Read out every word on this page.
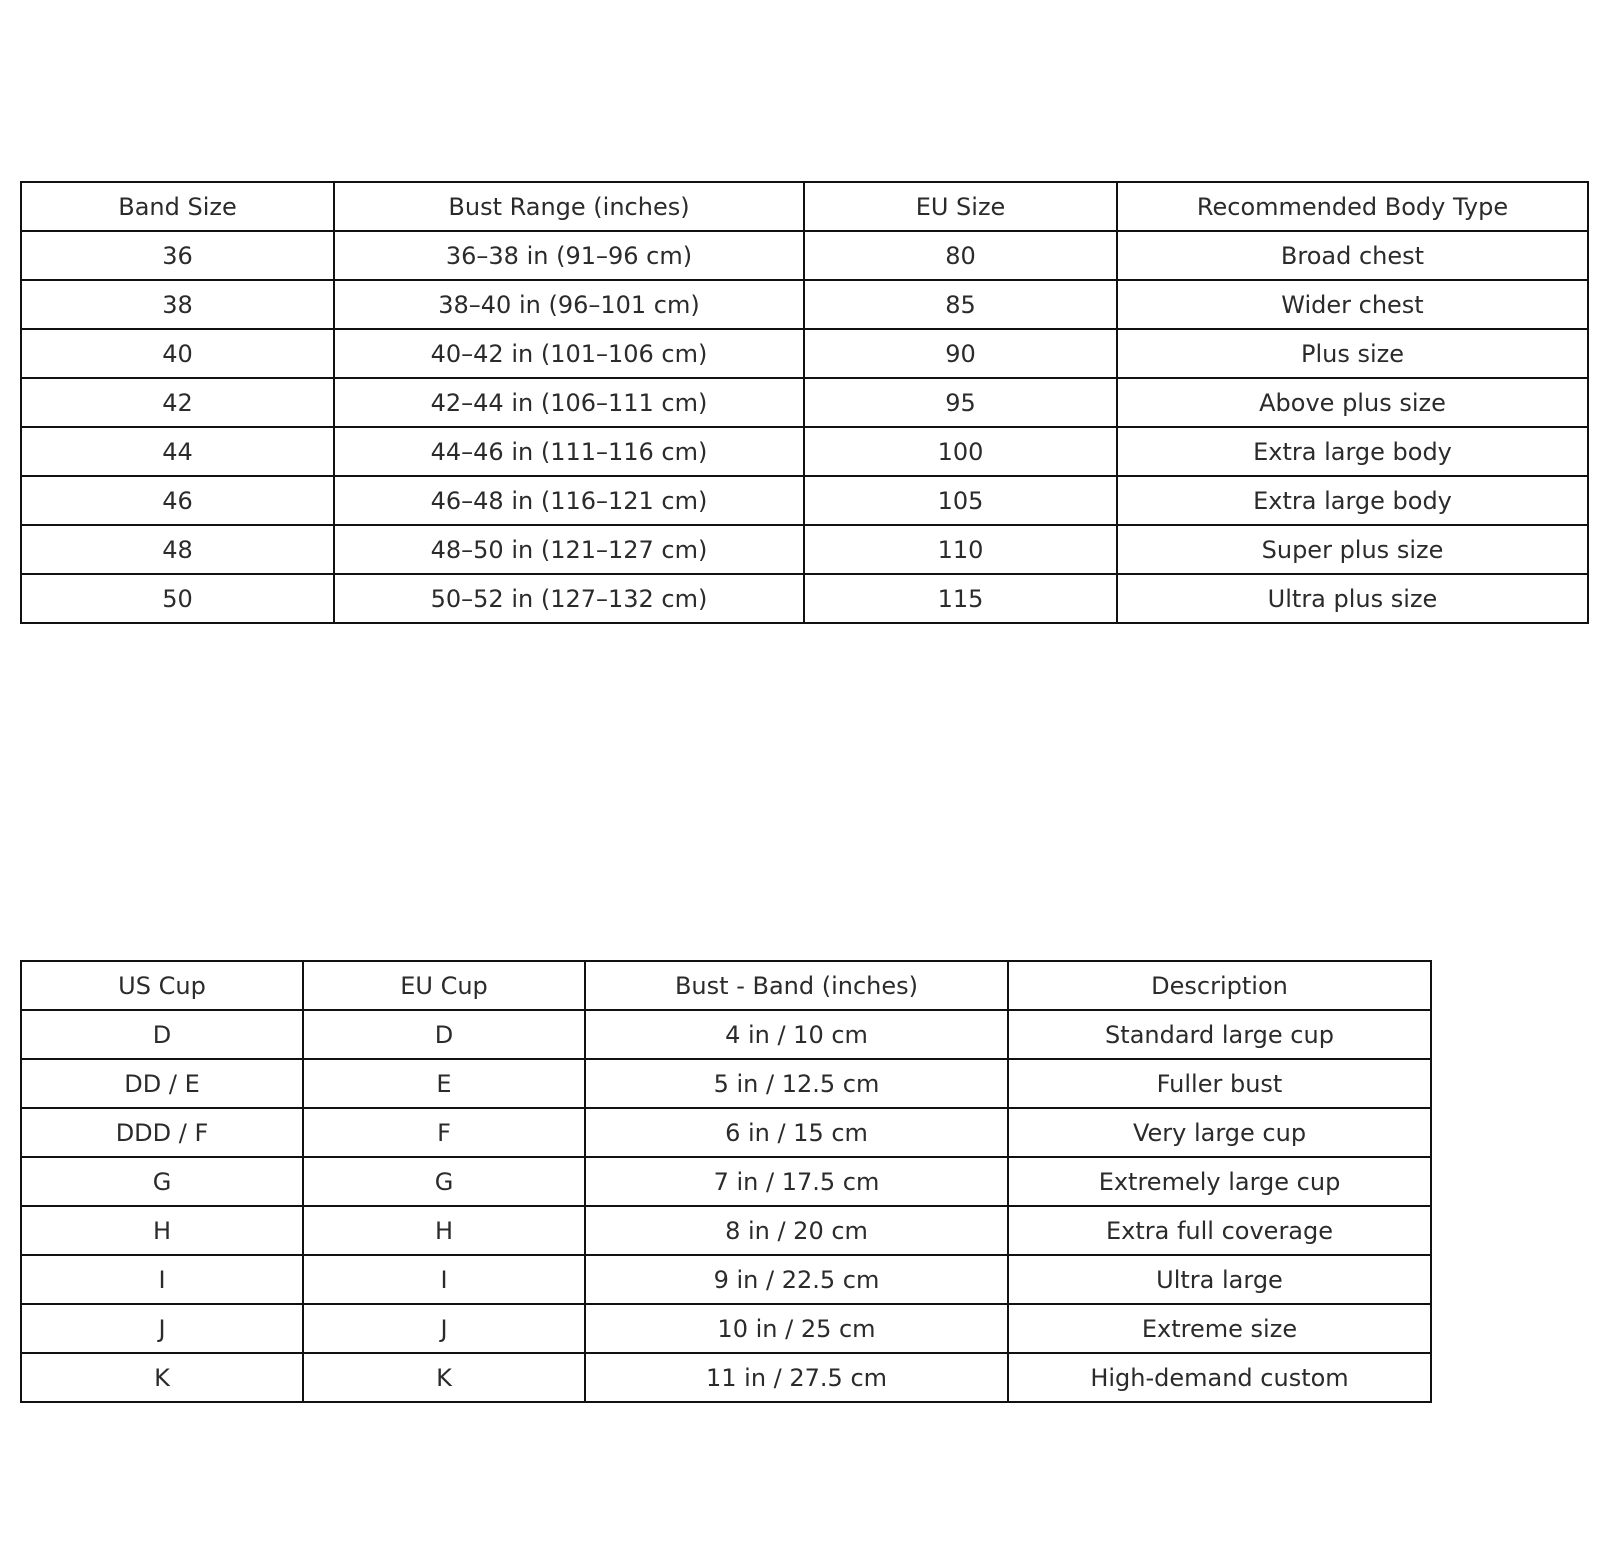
Band Size	Bust Range (inches)	EU Size	Recommended Body Type
36	36–38 in (91–96 cm)	80	Broad chest
38	38–40 in (96–101 cm)	85	Wider chest
40	40–42 in (101–106 cm)	90	Plus size
42	42–44 in (106–111 cm)	95	Above plus size
44	44–46 in (111–116 cm)	100	Extra large body
46	46–48 in (116–121 cm)	105	Extra large body
48	48–50 in (121–127 cm)	110	Super plus size
50	50–52 in (127–132 cm)	115	Ultra plus size
US Cup	EU Cup	Bust - Band (inches)	Description
D	D	4 in / 10 cm	Standard large cup
DD / E	E	5 in / 12.5 cm	Fuller bust
DDD / F	F	6 in / 15 cm	Very large cup
G	G	7 in / 17.5 cm	Extremely large cup
H	H	8 in / 20 cm	Extra full coverage
I	I	9 in / 22.5 cm	Ultra large
J	J	10 in / 25 cm	Extreme size
K	K	11 in / 27.5 cm	High-demand custom
